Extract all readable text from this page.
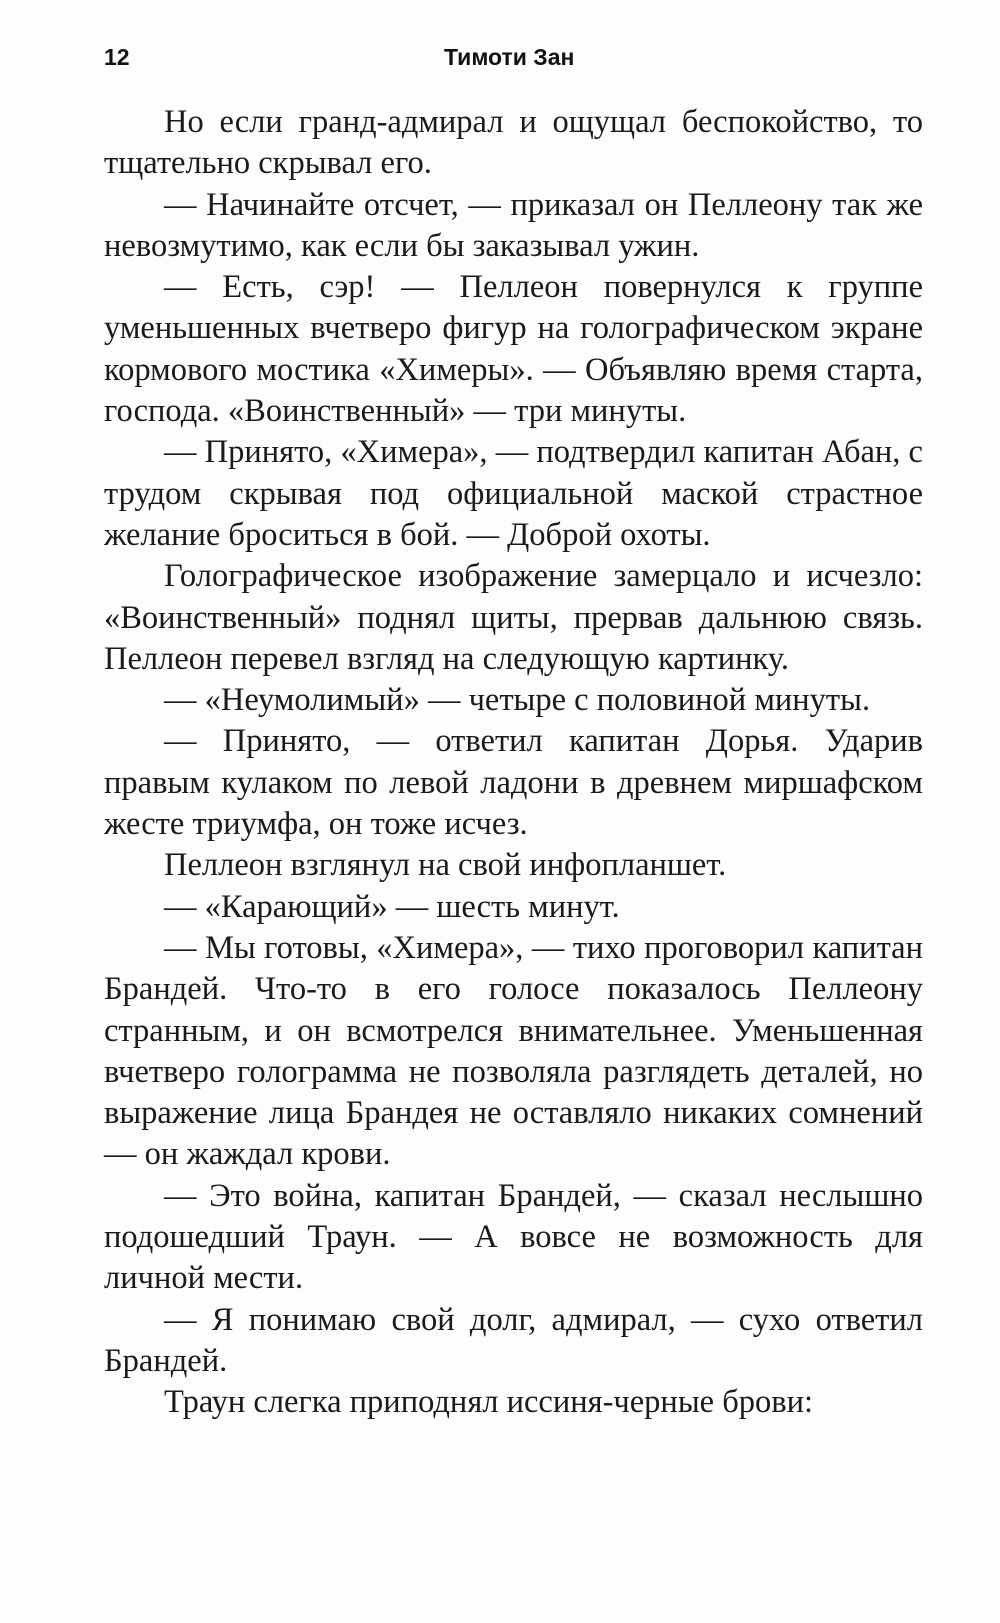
12	Тимоти Зан

Но если гранд-адмирал и ощущал беспокойство, то тщательно скрывал его.

— Начинайте отсчет, — приказал он Пеллеону так же невозмутимо, как если бы заказывал ужин.

— Есть, сэр! — Пеллеон повернулся к группе уменьшенных вчетверо фигур на голографическом экране кормового мостика «Химеры». — Объявляю время старта, господа. «Воинственный» — три минуты.

— Принято, «Химера», — подтвердил капитан Абан, с трудом скрывая под официальной маской страстное желание броситься в бой. — Доброй охоты.

Голографическое изображение замерцало и исчезло: «Воинственный» поднял щиты, прервав дальнюю связь. Пеллеон перевел взгляд на следующую картинку.

— «Неумолимый» — четыре с половиной минуты.

— Принято, — ответил капитан Дорья. Ударив правым кулаком по левой ладони в древнем миршафском жесте триумфа, он тоже исчез.

Пеллеон взглянул на свой инфопланшет.

— «Карающий» — шесть минут.

— Мы готовы, «Химера», — тихо проговорил капитан Брандей. Что-то в его голосе показалось Пеллеону странным, и он всмотрелся внимательнее. Уменьшенная вчетверо голограмма не позволяла разглядеть деталей, но выражение лица Брандея не оставляло никаких сомнений — он жаждал крови.

— Это война, капитан Брандей, — сказал неслышно подошедший Траун. — А вовсе не возможность для личной мести.

— Я понимаю свой долг, адмирал, — сухо ответил Брандей.

Траун слегка приподнял иссиня-черные брови:
